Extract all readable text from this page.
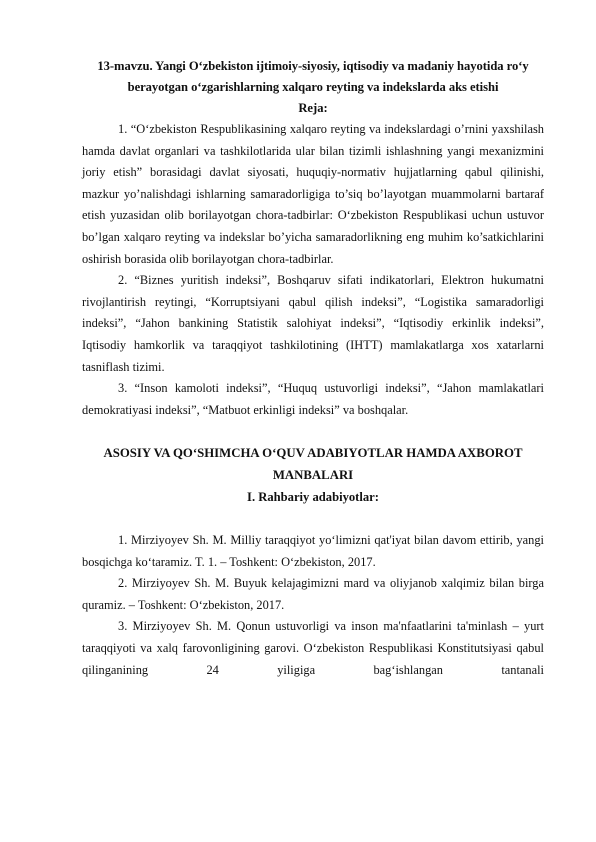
13-mavzu. Yangi O‘zbekiston ijtimoiy-siyosiy, iqtisodiy va madaniy hayotida ro‘y berayotgan o‘zgarishlarning xalqaro reyting va indekslarda aks etishi

Reja:

1. “O‘zbekiston Respublikasining xalqaro reyting va indekslardagi o’rnini yaxshilash hamda davlat organlari va tashkilotlarida ular bilan tizimli ishlashning yangi mexanizmini joriy etish” borasidagi davlat siyosati, huquqiy-normativ hujjatlarning qabul qilinishi, mazkur yo’nalishdagi ishlarning samaradorligiga to’siq bo’layotgan muammolarni bartaraf etish yuzasidan olib borilayotgan chora-tadbirlar: O‘zbekiston Respublikasi uchun ustuvor bo’lgan xalqaro reyting va indekslar bo’yicha samaradorlikning eng muhim ko’satkichlarini oshirish borasida olib borilayotgan chora-tadbirlar.

2. “Biznes yuritish indeksi”, Boshqaruv sifati indikatorlari, Elektron hukumatni rivojlantirish reytingi, “Korruptsiyani qabul qilish indeksi”, “Logistika samaradorligi indeksi”, “Jahon bankining Statistik salohiyat indeksi”, “Iqtisodiy erkinlik indeksi”, Iqtisodiy hamkorlik va taraqqiyot tashkilotining (IHTT) mamlakatlarga xos xatarlarni tasniflash tizimi.

3. “Inson kamoloti indeksi”, “Huquq ustuvorligi indeksi”, “Jahon mamlakatlari demokratiyasi indeksi”, “Matbuot erkinligi indeksi” va boshqalar.

ASOSIY VA QO‘SHIMCHA O‘QUV ADABIYOTLAR HAMDA AXBOROT MANBALARI

I. Rahbariy adabiyotlar:

1. Mirziyoyev Sh. M. Milliy taraqqiyot yo‘limizni qat'iyat bilan davom ettirib, yangi bosqichga ko‘taramiz. T. 1. – Toshkent: O‘zbekiston, 2017.

2. Mirziyoyev Sh. M. Buyuk kelajagimizni mard va oliyjanob xalqimiz bilan birga quramiz. – Toshkent: O‘zbekiston, 2017.

3. Mirziyoyev Sh. M. Qonun ustuvorligi va inson ma'nfaatlarini ta'minlash – yurt taraqqiyoti va xalq farovonligining garovi. O‘zbekiston Respublikasi Konstitutsiyasi qabul qilinganining 24 yiligiga bag‘ishlangan tantanali
